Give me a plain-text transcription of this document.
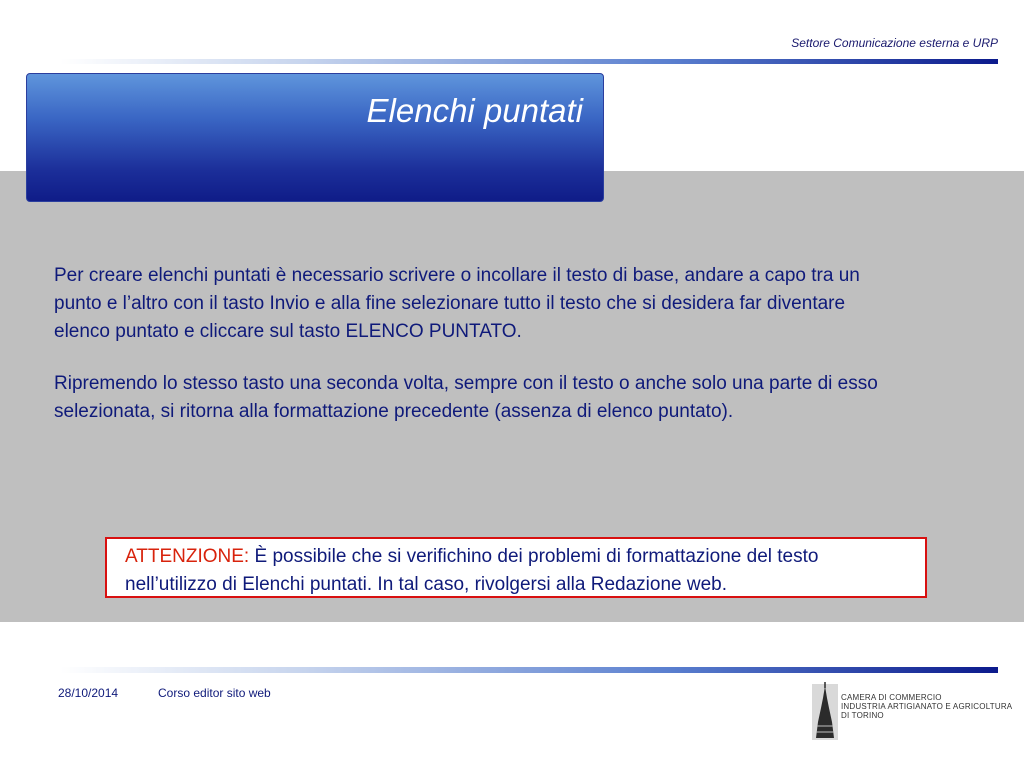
Settore Comunicazione esterna e URP
Elenchi puntati

Per creare elenchi puntati è necessario scrivere o incollare il testo di base, andare a capo tra un punto e l’altro con il tasto Invio e alla fine selezionare tutto il testo che si desidera far diventare elenco puntato e cliccare sul tasto ELENCO PUNTATO.

Ripremendo lo stesso tasto una seconda volta, sempre con il testo o anche solo una parte di esso selezionata, si ritorna alla formattazione precedente (assenza di elenco puntato).

ATTENZIONE: È possibile che si verifichino dei problemi di formattazione del testo nell’utilizzo di Elenchi puntati. In tal caso, rivolgersi alla Redazione web.
28/10/2014	Corso editor sito web	CAMERA DI COMMERCIO
INDUSTRIA ARTIGIANATO E AGRICOLTURA
DI TORINO
